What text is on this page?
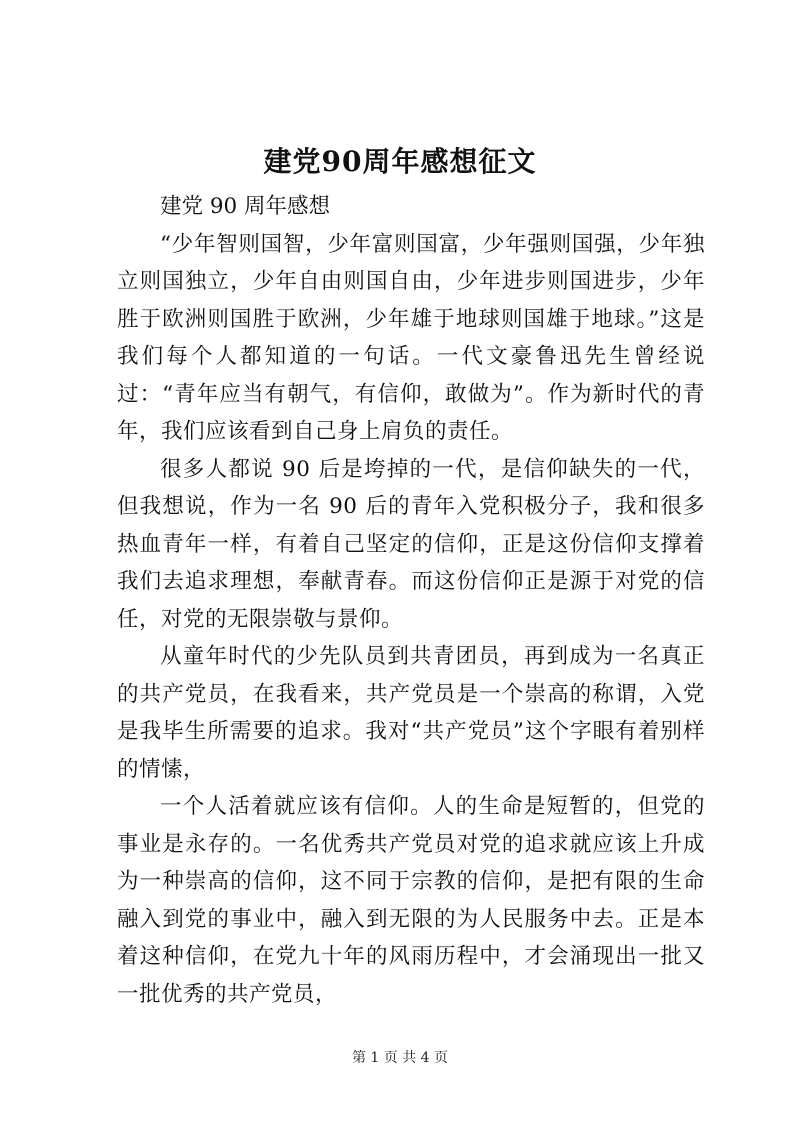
建党90周年感想征文

建党 90 周年感想

“少年智则国智，少年富则国富，少年强则国强，少年独立则国独立，少年自由则国自由，少年进步则国进步，少年胜于欧洲则国胜于欧洲，少年雄于地球则国雄于地球。”这是我们每个人都知道的一句话。一代文豪鲁迅先生曾经说过：“青年应当有朝气，有信仰，敢做为”。作为新时代的青年，我们应该看到自己身上肩负的责任。

很多人都说 90 后是垮掉的一代，是信仰缺失的一代，但我想说，作为一名 90 后的青年入党积极分子，我和很多热血青年一样，有着自己坚定的信仰，正是这份信仰支撑着我们去追求理想，奉献青春。而这份信仰正是源于对党的信任，对党的无限崇敬与景仰。

从童年时代的少先队员到共青团员，再到成为一名真正的共产党员，在我看来，共产党员是一个崇高的称谓，入党是我毕生所需要的追求。我对“共产党员”这个字眼有着别样的情愫，

一个人活着就应该有信仰。人的生命是短暂的，但党的事业是永存的。一名优秀共产党员对党的追求就应该上升成为一种崇高的信仰，这不同于宗教的信仰，是把有限的生命融入到党的事业中，融入到无限的为人民服务中去。正是本着这种信仰，在党九十年的风雨历程中，才会涌现出一批又一批优秀的共产党员，

第 1 页 共 4 页
